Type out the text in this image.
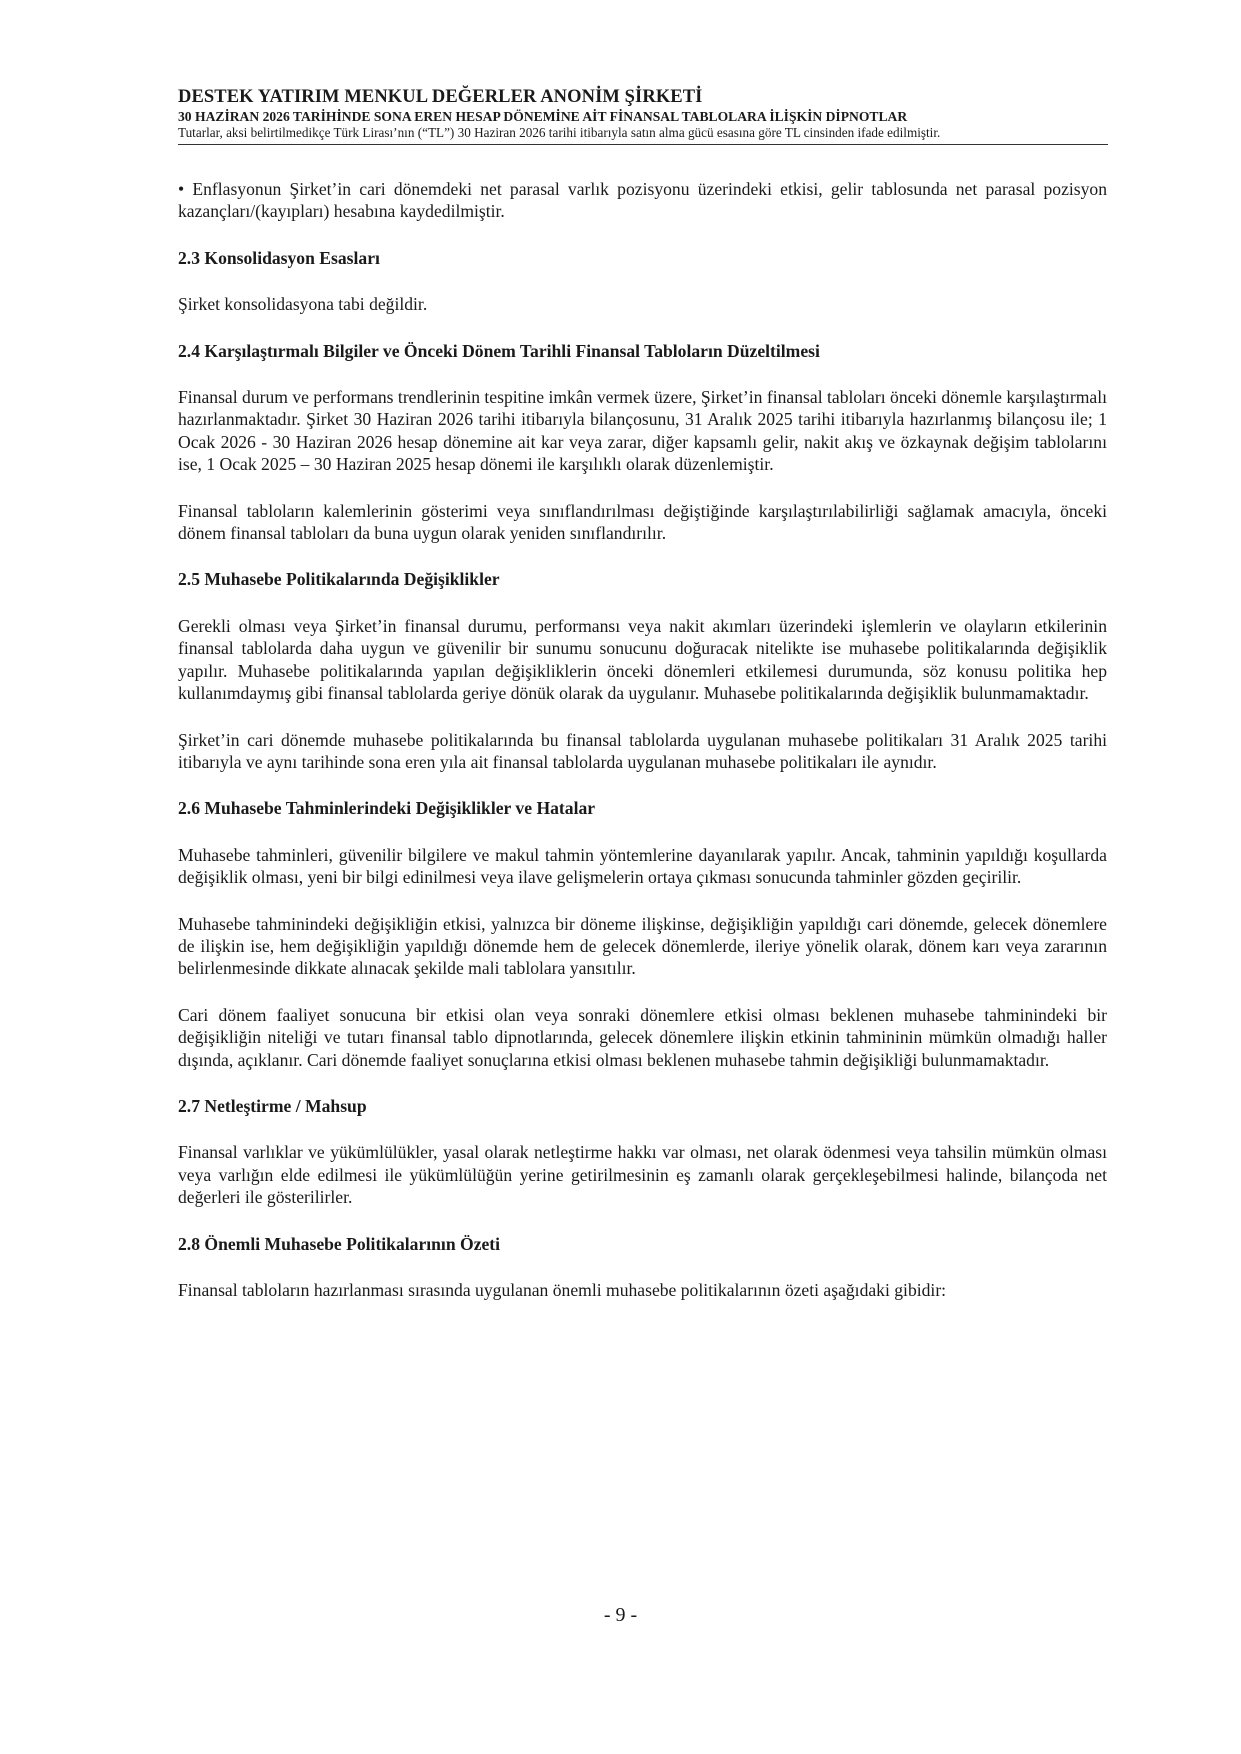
DESTEK YATIRIM MENKUL DEĞERLER ANONİM ŞİRKETİ
30 HAZİRAN 2026 TARİHİNDE SONA EREN HESAP DÖNEMİNE AİT FİNANSAL TABLOLARA İLİŞKİN DİPNOTLAR
Tutarlar, aksi belirtilmedikçe Türk Lirası’nın (“TL”) 30 Haziran 2026 tarihi itibarıyla satın alma gücü esasına göre TL cinsinden ifade edilmiştir.

• Enflasyonun Şirket’in cari dönemdeki net parasal varlık pozisyonu üzerindeki etkisi, gelir tablosunda net parasal pozisyon kazançları/(kayıpları) hesabına kaydedilmiştir.

2.3 Konsolidasyon Esasları

Şirket konsolidasyona tabi değildir.

2.4 Karşılaştırmalı Bilgiler ve Önceki Dönem Tarihli Finansal Tabloların Düzeltilmesi

Finansal durum ve performans trendlerinin tespitine imkân vermek üzere, Şirket’in finansal tabloları önceki dönemle karşılaştırmalı hazırlanmaktadır. Şirket 30 Haziran 2026 tarihi itibarıyla bilançosunu, 31 Aralık 2025 tarihi itibarıyla hazırlanmış bilançosu ile; 1 Ocak 2026 - 30 Haziran 2026 hesap dönemine ait kar veya zarar, diğer kapsamlı gelir, nakit akış ve özkaynak değişim tablolarını ise, 1 Ocak 2025 – 30 Haziran 2025 hesap dönemi ile karşılıklı olarak düzenlemiştir.

Finansal tabloların kalemlerinin gösterimi veya sınıflandırılması değiştiğinde karşılaştırılabilirliği sağlamak amacıyla, önceki dönem finansal tabloları da buna uygun olarak yeniden sınıflandırılır.

2.5 Muhasebe Politikalarında Değişiklikler

Gerekli olması veya Şirket’in finansal durumu, performansı veya nakit akımları üzerindeki işlemlerin ve olayların etkilerinin finansal tablolarda daha uygun ve güvenilir bir sunumu sonucunu doğuracak nitelikte ise muhasebe politikalarında değişiklik yapılır. Muhasebe politikalarında yapılan değişikliklerin önceki dönemleri etkilemesi durumunda, söz konusu politika hep kullanımdaymış gibi finansal tablolarda geriye dönük olarak da uygulanır. Muhasebe politikalarında değişiklik bulunmamaktadır.

Şirket’in cari dönemde muhasebe politikalarında bu finansal tablolarda uygulanan muhasebe politikaları 31 Aralık 2025 tarihi itibarıyla ve aynı tarihinde sona eren yıla ait finansal tablolarda uygulanan muhasebe politikaları ile aynıdır.

2.6 Muhasebe Tahminlerindeki Değişiklikler ve Hatalar

Muhasebe tahminleri, güvenilir bilgilere ve makul tahmin yöntemlerine dayanılarak yapılır. Ancak, tahminin yapıldığı koşullarda değişiklik olması, yeni bir bilgi edinilmesi veya ilave gelişmelerin ortaya çıkması sonucunda tahminler gözden geçirilir.

Muhasebe tahminindeki değişikliğin etkisi, yalnızca bir döneme ilişkinse, değişikliğin yapıldığı cari dönemde, gelecek dönemlere de ilişkin ise, hem değişikliğin yapıldığı dönemde hem de gelecek dönemlerde, ileriye yönelik olarak, dönem karı veya zararının belirlenmesinde dikkate alınacak şekilde mali tablolara yansıtılır.

Cari dönem faaliyet sonucuna bir etkisi olan veya sonraki dönemlere etkisi olması beklenen muhasebe tahminindeki bir değişikliğin niteliği ve tutarı finansal tablo dipnotlarında, gelecek dönemlere ilişkin etkinin tahmininin mümkün olmadığı haller dışında, açıklanır. Cari dönemde faaliyet sonuçlarına etkisi olması beklenen muhasebe tahmin değişikliği bulunmamaktadır.

2.7 Netleştirme / Mahsup

Finansal varlıklar ve yükümlülükler, yasal olarak netleştirme hakkı var olması, net olarak ödenmesi veya tahsilin mümkün olması veya varlığın elde edilmesi ile yükümlülüğün yerine getirilmesinin eş zamanlı olarak gerçekleşebilmesi halinde, bilançoda net değerleri ile gösterilirler.

2.8 Önemli Muhasebe Politikalarının Özeti

Finansal tabloların hazırlanması sırasında uygulanan önemli muhasebe politikalarının özeti aşağıdaki gibidir:

- 9 -
